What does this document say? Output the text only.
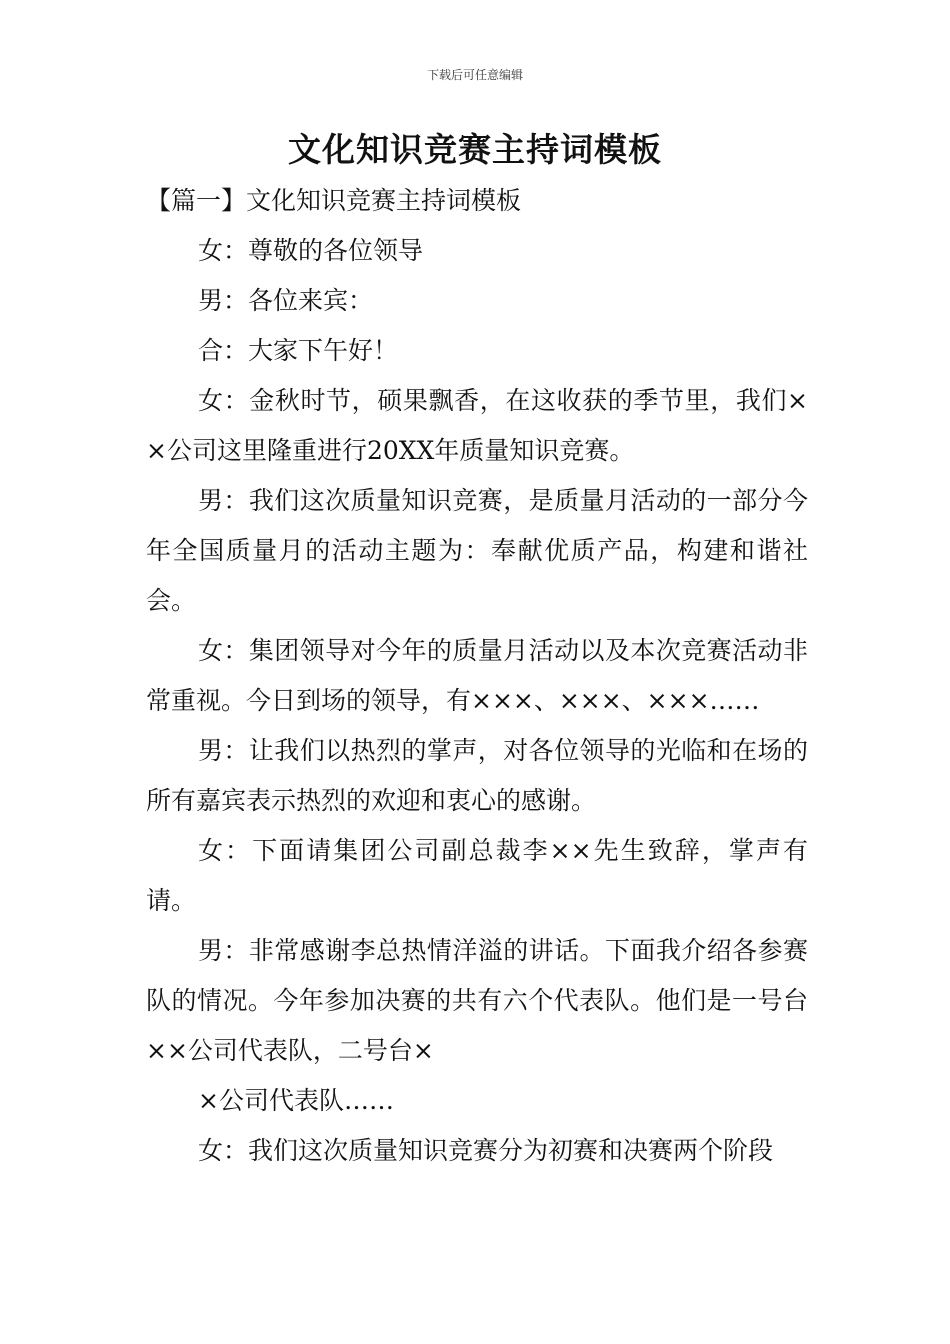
下载后可任意编辑
文化知识竞赛主持词模板

【篇一】文化知识竞赛主持词模板

女：尊敬的各位领导

男：各位来宾：

合：大家下午好！

女：金秋时节，硕果飘香，在这收获的季节里，我们××公司这里隆重进行20XX年质量知识竞赛。

男：我们这次质量知识竞赛，是质量月活动的一部分今年全国质量月的活动主题为：奉献优质产品，构建和谐社会。

女：集团领导对今年的质量月活动以及本次竞赛活动非常重视。今日到场的领导，有×××、×××、×××……

男：让我们以热烈的掌声，对各位领导的光临和在场的所有嘉宾表示热烈的欢迎和衷心的感谢。

女：下面请集团公司副总裁李××先生致辞，掌声有请。

男：非常感谢李总热情洋溢的讲话。下面我介绍各参赛队的情况。今年参加决赛的共有六个代表队。他们是一号台××公司代表队，二号台×

×公司代表队……

女：我们这次质量知识竞赛分为初赛和决赛两个阶段
